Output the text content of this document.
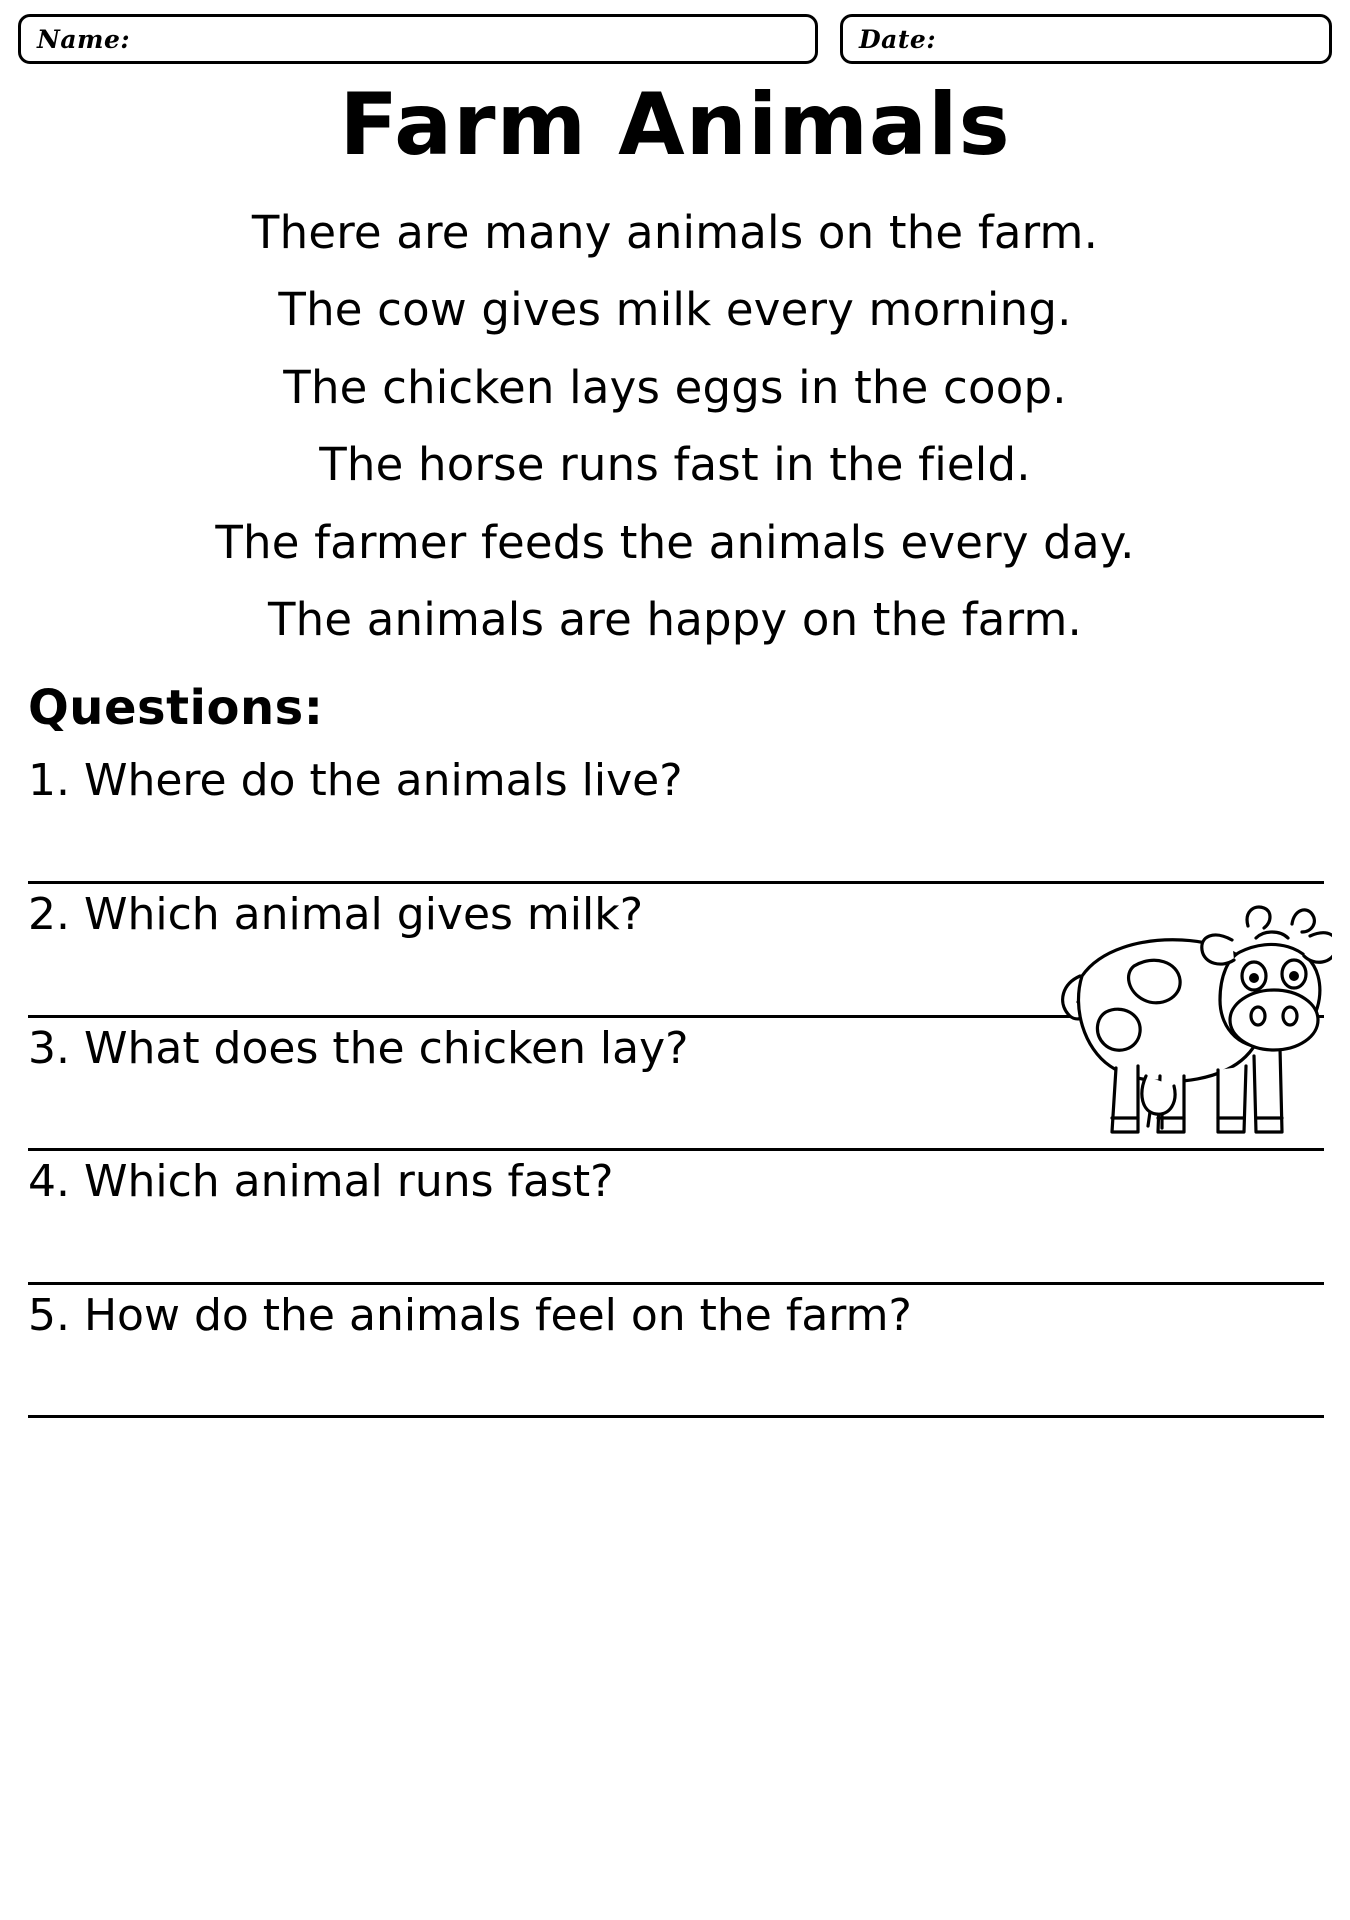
Name:	Date:
Farm Animals
There are many animals on the farm.
The cow gives milk every morning.
The chicken lays eggs in the coop.
The horse runs fast in the field.
The farmer feeds the animals every day.
The animals are happy on the farm.
Questions:
1. Where do the animals live?
2. Which animal gives milk?
3. What does the chicken lay?
4. Which animal runs fast?
5. How do the animals feel on the farm?
